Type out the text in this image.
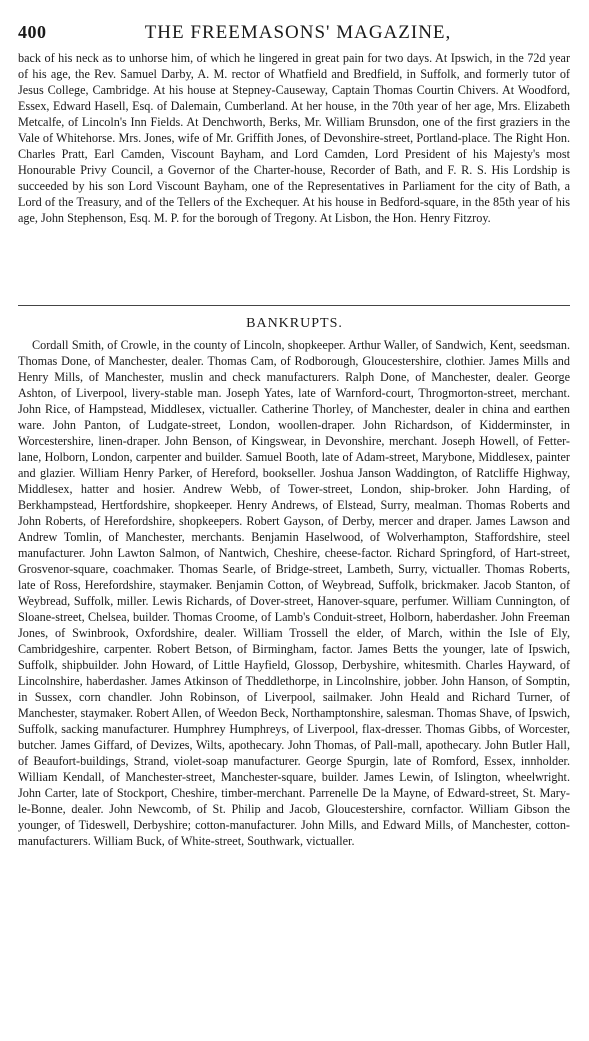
400	THE FREEMASONS' MAGAZINE,

back of his neck as to unhorse him, of which he lingered in great pain for two days. At Ipswich, in the 72d year of his age, the Rev. Samuel Darby, A. M. rector of Whatfield and Bredfield, in Suffolk, and formerly tutor of Jesus College, Cambridge. At his house at Stepney-Causeway, Captain Thomas Courtin Chivers. At Woodford, Essex, Edward Hasell, Esq. of Dalemain, Cumberland. At her house, in the 70th year of her age, Mrs. Elizabeth Metcalfe, of Lincoln's Inn Fields. At Denchworth, Berks, Mr. William Brunsdon, one of the first graziers in the Vale of Whitehorse. Mrs. Jones, wife of Mr. Griffith Jones, of Devonshire-street, Portland-place. The Right Hon. Charles Pratt, Earl Camden, Viscount Bayham, and Lord Camden, Lord President of his Majesty's most Honourable Privy Council, a Governor of the Charter-house, Recorder of Bath, and F. R. S. His Lordship is succeeded by his son Lord Viscount Bayham, one of the Representatives in Parliament for the city of Bath, a Lord of the Treasury, and of the Tellers of the Exchequer. At his house in Bedford-square, in the 85th year of his age, John Stephenson, Esq. M. P. for the borough of Tregony. At Lisbon, the Hon. Henry Fitzroy.

BANKRUPTS.

Cordall Smith, of Crowle, in the county of Lincoln, shopkeeper. Arthur Waller, of Sandwich, Kent, seedsman. Thomas Done, of Manchester, dealer. Thomas Cam, of Rodborough, Gloucestershire, clothier. James Mills and Henry Mills, of Manchester, muslin and check manufacturers. Ralph Done, of Manchester, dealer. George Ashton, of Liverpool, livery-stable man. Joseph Yates, late of Warnford-court, Throgmorton-street, merchant. John Rice, of Hampstead, Middlesex, victualler. Catherine Thorley, of Manchester, dealer in china and earthen ware. John Panton, of Ludgate-street, London, woollen-draper. John Richardson, of Kidderminster, in Worcestershire, linen-draper. John Benson, of Kingswear, in Devonshire, merchant. Joseph Howell, of Fetter-lane, Holborn, London, carpenter and builder. Samuel Booth, late of Adam-street, Marybone, Middlesex, painter and glazier. William Henry Parker, of Hereford, bookseller. Joshua Janson Waddington, of Ratcliffe Highway, Middlesex, hatter and hosier. Andrew Webb, of Tower-street, London, ship-broker. John Harding, of Berkhampstead, Hertfordshire, shopkeeper. Henry Andrews, of Elstead, Surry, mealman. Thomas Roberts and John Roberts, of Herefordshire, shopkeepers. Robert Gayson, of Derby, mercer and draper. James Lawson and Andrew Tomlin, of Manchester, merchants. Benjamin Haselwood, of Wolverhampton, Staffordshire, steel manufacturer. John Lawton Salmon, of Nantwich, Cheshire, cheese-factor. Richard Springford, of Hart-street, Grosvenor-square, coachmaker. Thomas Searle, of Bridge-street, Lambeth, Surry, victualler. Thomas Roberts, late of Ross, Herefordshire, staymaker. Benjamin Cotton, of Weybread, Suffolk, brickmaker. Jacob Stanton, of Weybread, Suffolk, miller. Lewis Richards, of Dover-street, Hanover-square, perfumer. William Cunnington, of Sloane-street, Chelsea, builder. Thomas Croome, of Lamb's Conduit-street, Holborn, haberdasher. John Freeman Jones, of Swinbrook, Oxfordshire, dealer. William Trossell the elder, of March, within the Isle of Ely, Cambridgeshire, carpenter. Robert Betson, of Birmingham, factor. James Betts the younger, late of Ipswich, Suffolk, shipbuilder. John Howard, of Little Hayfield, Glossop, Derbyshire, whitesmith. Charles Hayward, of Lincolnshire, haberdasher. James Atkinson of Theddlethorpe, in Lincolnshire, jobber. John Hanson, of Somptin, in Sussex, corn chandler. John Robinson, of Liverpool, sailmaker. John Heald and Richard Turner, of Manchester, staymaker. Robert Allen, of Weedon Beck, Northamptonshire, salesman. Thomas Shave, of Ipswich, Suffolk, sacking manufacturer. Humphrey Humphreys, of Liverpool, flax-dresser. Thomas Gibbs, of Worcester, butcher. James Giffard, of Devizes, Wilts, apothecary. John Thomas, of Pall-mall, apothecary. John Butler Hall, of Beaufort-buildings, Strand, violet-soap manufacturer. George Spurgin, late of Romford, Essex, innholder. William Kendall, of Manchester-street, Manchester-square, builder. James Lewin, of Islington, wheelwright. John Carter, late of Stockport, Cheshire, timber-merchant. Parrenelle De la Mayne, of Edward-street, St. Mary-le-Bonne, dealer. John Newcomb, of St. Philip and Jacob, Gloucestershire, cornfactor. William Gibson the younger, of Tideswell, Derbyshire; cotton-manufacturer. John Mills, and Edward Mills, of Manchester, cotton-manufacturers. William Buck, of White-street, Southwark, victualler.
